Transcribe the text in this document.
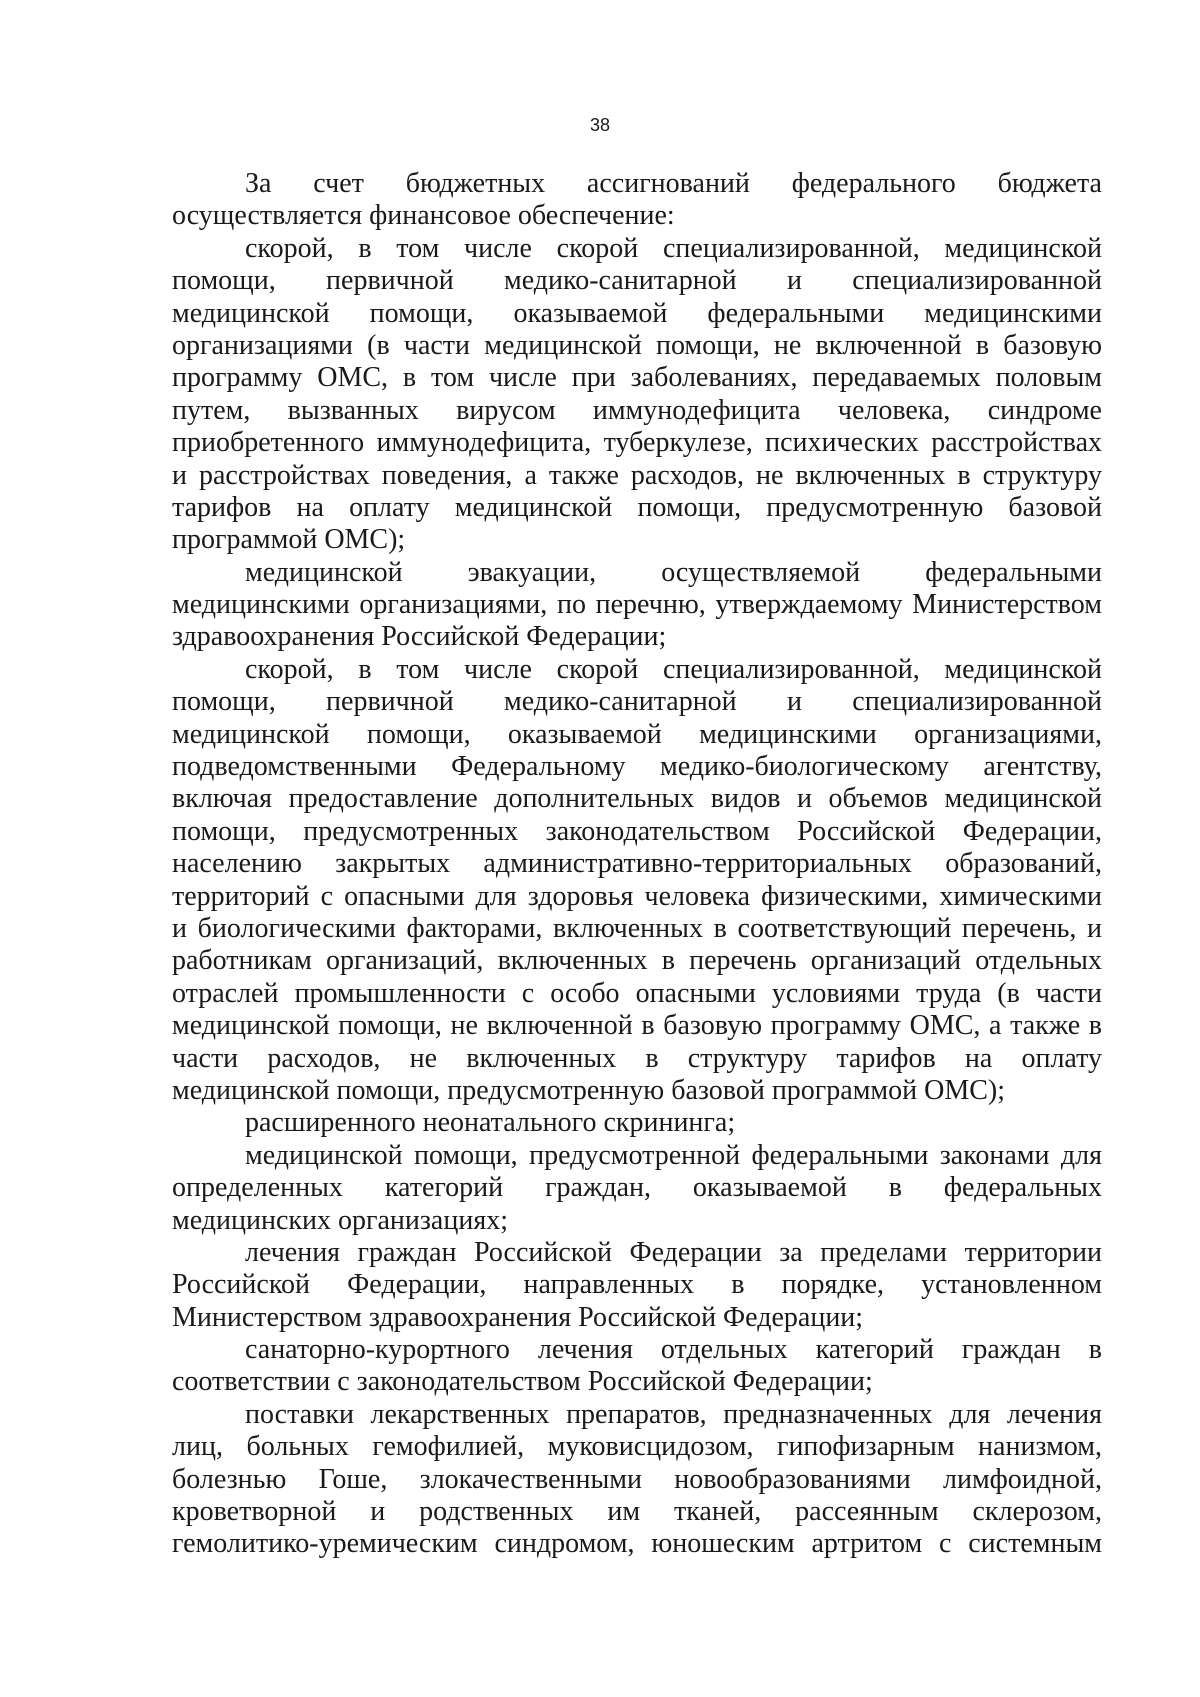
38
За счет бюджетных ассигнований федерального бюджета
осуществляется финансовое обеспечение:
скорой, в том числе скорой специализированной, медицинской
помощи, первичной медико-санитарной и специализированной
медицинской помощи, оказываемой федеральными медицинскими
организациями (в части медицинской помощи, не включенной в базовую
программу ОМС, в том числе при заболеваниях, передаваемых половым
путем, вызванных вирусом иммунодефицита человека, синдроме
приобретенного иммунодефицита, туберкулезе, психических расстройствах
и расстройствах поведения, а также расходов, не включенных в структуру
тарифов на оплату медицинской помощи, предусмотренную базовой
программой ОМС);
медицинской эвакуации, осуществляемой федеральными
медицинскими организациями, по перечню, утверждаемому Министерством
здравоохранения Российской Федерации;
скорой, в том числе скорой специализированной, медицинской
помощи, первичной медико-санитарной и специализированной
медицинской помощи, оказываемой медицинскими организациями,
подведомственными Федеральному медико-биологическому агентству,
включая предоставление дополнительных видов и объемов медицинской
помощи, предусмотренных законодательством Российской Федерации,
населению закрытых административно-территориальных образований,
территорий с опасными для здоровья человека физическими, химическими
и биологическими факторами, включенных в соответствующий перечень, и
работникам организаций, включенных в перечень организаций отдельных
отраслей промышленности с особо опасными условиями труда (в части
медицинской помощи, не включенной в базовую программу ОМС, а также в
части расходов, не включенных в структуру тарифов на оплату
медицинской помощи, предусмотренную базовой программой ОМС);
расширенного неонатального скрининга;
медицинской помощи, предусмотренной федеральными законами для
определенных категорий граждан, оказываемой в федеральных
медицинских организациях;
лечения граждан Российской Федерации за пределами территории
Российской Федерации, направленных в порядке, установленном
Министерством здравоохранения Российской Федерации;
санаторно-курортного лечения отдельных категорий граждан в
соответствии с законодательством Российской Федерации;
поставки лекарственных препаратов, предназначенных для лечения
лиц, больных гемофилией, муковисцидозом, гипофизарным нанизмом,
болезнью Гоше, злокачественными новообразованиями лимфоидной,
кроветворной и родственных им тканей, рассеянным склерозом,
гемолитико-уремическим синдромом, юношеским артритом с системным
